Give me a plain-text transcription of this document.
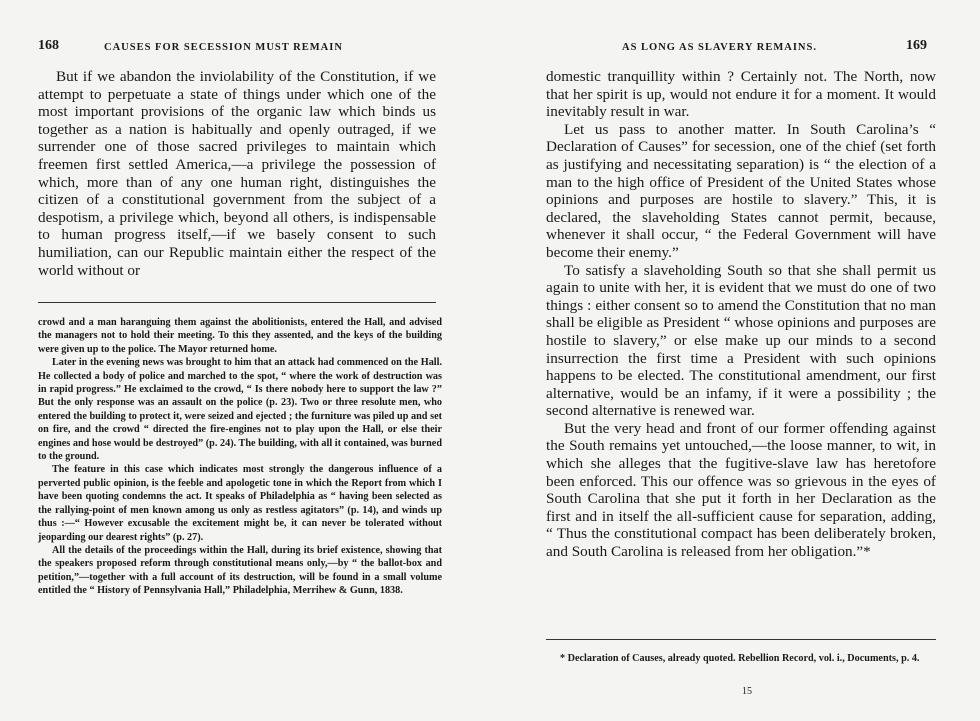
168	CAUSES FOR SECESSION MUST REMAIN

But if we abandon the inviolability of the Constitution, if we attempt to perpetuate a state of things under which one of the most important provisions of the organic law which binds us together as a nation is habitually and openly outraged, if we surrender one of those sacred privileges to maintain which freemen first settled America,—a privilege the possession of which, more than of any one human right, distinguishes the citizen of a constitutional government from the subject of a despotism, a privilege which, beyond all others, is indispensable to human progress itself,—if we basely consent to such humiliation, can our Republic maintain either the respect of the world without or

crowd and a man haranguing them against the abolitionists, entered the Hall, and advised the managers not to hold their meeting. To this they assented, and the keys of the building were given up to the police. The Mayor returned home.

Later in the evening news was brought to him that an attack had commenced on the Hall. He collected a body of police and marched to the spot, “ where the work of destruction was in rapid progress.” He exclaimed to the crowd, “ Is there nobody here to support the law ?” But the only response was an assault on the police (p. 23). Two or three resolute men, who entered the building to protect it, were seized and ejected ; the furniture was piled up and set on fire, and the crowd “ directed the fire-engines not to play upon the Hall, or else their engines and hose would be destroyed” (p. 24). The building, with all it contained, was burned to the ground.

The feature in this case which indicates most strongly the dangerous influence of a perverted public opinion, is the feeble and apologetic tone in which the Report from which I have been quoting condemns the act. It speaks of Philadelphia as “ having been selected as the rallying-point of men known among us only as restless agitators” (p. 14), and winds up thus :—“ However excusable the excitement might be, it can never be tolerated without jeoparding our dearest rights” (p. 27).

All the details of the proceedings within the Hall, during its brief existence, showing that the speakers proposed reform through constitutional means only,—by “ the ballot-box and petition,”—together with a full account of its destruction, will be found in a small volume entitled the “ History of Pennsylvania Hall,” Philadelphia, Merrihew & Gunn, 1838.

AS LONG AS SLAVERY REMAINS.	169

domestic tranquillity within ? Certainly not. The North, now that her spirit is up, would not endure it for a moment. It would inevitably result in war.

Let us pass to another matter. In South Carolina’s “ Declaration of Causes” for secession, one of the chief (set forth as justifying and necessitating separation) is “ the election of a man to the high office of President of the United States whose opinions and purposes are hostile to slavery.” This, it is declared, the slaveholding States cannot permit, because, whenever it shall occur, “ the Federal Government will have become their enemy.”

To satisfy a slaveholding South so that she shall permit us again to unite with her, it is evident that we must do one of two things : either consent so to amend the Constitution that no man shall be eligible as President “ whose opinions and purposes are hostile to slavery,” or else make up our minds to a second insurrection the first time a President with such opinions happens to be elected. The constitutional amendment, our first alternative, would be an infamy, if it were a possibility ; the second alternative is renewed war.

But the very head and front of our former offending against the South remains yet untouched,—the loose manner, to wit, in which she alleges that the fugitive-slave law has heretofore been enforced. This our offence was so grievous in the eyes of South Carolina that she put it forth in her Declaration as the first and in itself the all-sufficient cause for separation, adding, “ Thus the constitutional compact has been deliberately broken, and South Carolina is released from her obligation.”*

* Declaration of Causes, already quoted. Rebellion Record, vol. i., Documents, p. 4.

15
